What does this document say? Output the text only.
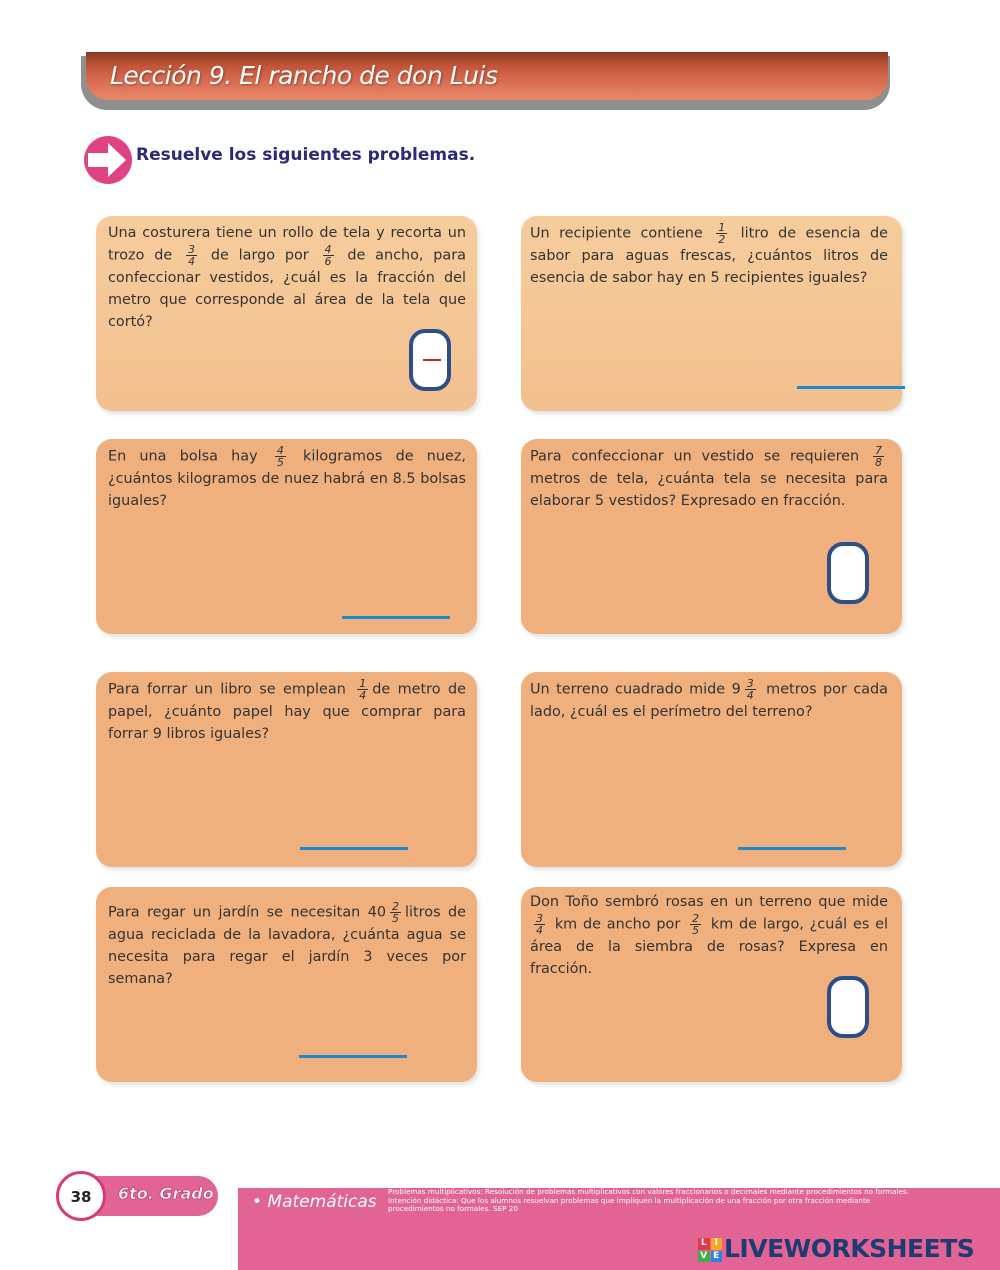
Lección 9. El rancho de don Luis
Resuelve los siguientes problemas.
Una costurera tiene un rollo de tela y recorta un trozo de $\frac{3}{4}$ de largo por $\frac{4}{6}$ de ancho, para confeccionar vestidos, ¿cuál es la fracción del metro que corresponde al área de la tela que cortó?
Un recipiente contiene $\frac{1}{2}$ litro de esencia de sabor para aguas frescas, ¿cuántos litros de esencia de sabor hay en 5 recipientes iguales?
En una bolsa hay $\frac{4}{5}$ kilogramos de nuez, ¿cuántos kilogramos de nuez habrá en 8.5 bolsas iguales?
Para confeccionar un vestido se requieren $\frac{7}{8}$
metros de tela, ¿cuánta tela se necesita para elaborar 5 vestidos? Expresado en fracción.
Para forrar un libro se emplean $\frac{1}{4}$ de metro de papel, ¿cuánto papel hay que comprar para forrar 9 libros iguales?
Un terreno cuadrado mide $9 \frac{3}{4}$ metros por cada lado, ¿cuál es el perímetro del terreno?
Para regar un jardín se necesitan $40 \frac{2}{5}$ litros de agua reciclada de la lavadora, ¿cuánta agua se necesita para regar el jardín 3 veces por semana?
Don Toño sembró rosas en un terreno que mide
$\frac{3}{4}$ km de ancho por $\frac{2}{5}$ km de largo, ¿cuál es el área de la siembra de rosas? Expresa en fracción.
38	6to. Grado • Matemáticas
Problemas multiplicativos: Resolución de problemas multiplicativos con valores fraccionarios o decimales mediante procedimientos no formales. Intención didáctica: Que los alumnos resuelvan problemas que impliquen la multiplicación de una fracción por otra fracción mediante procedimientos no formales. SEP 20
L I
V E LIVEWORKSHEETS
